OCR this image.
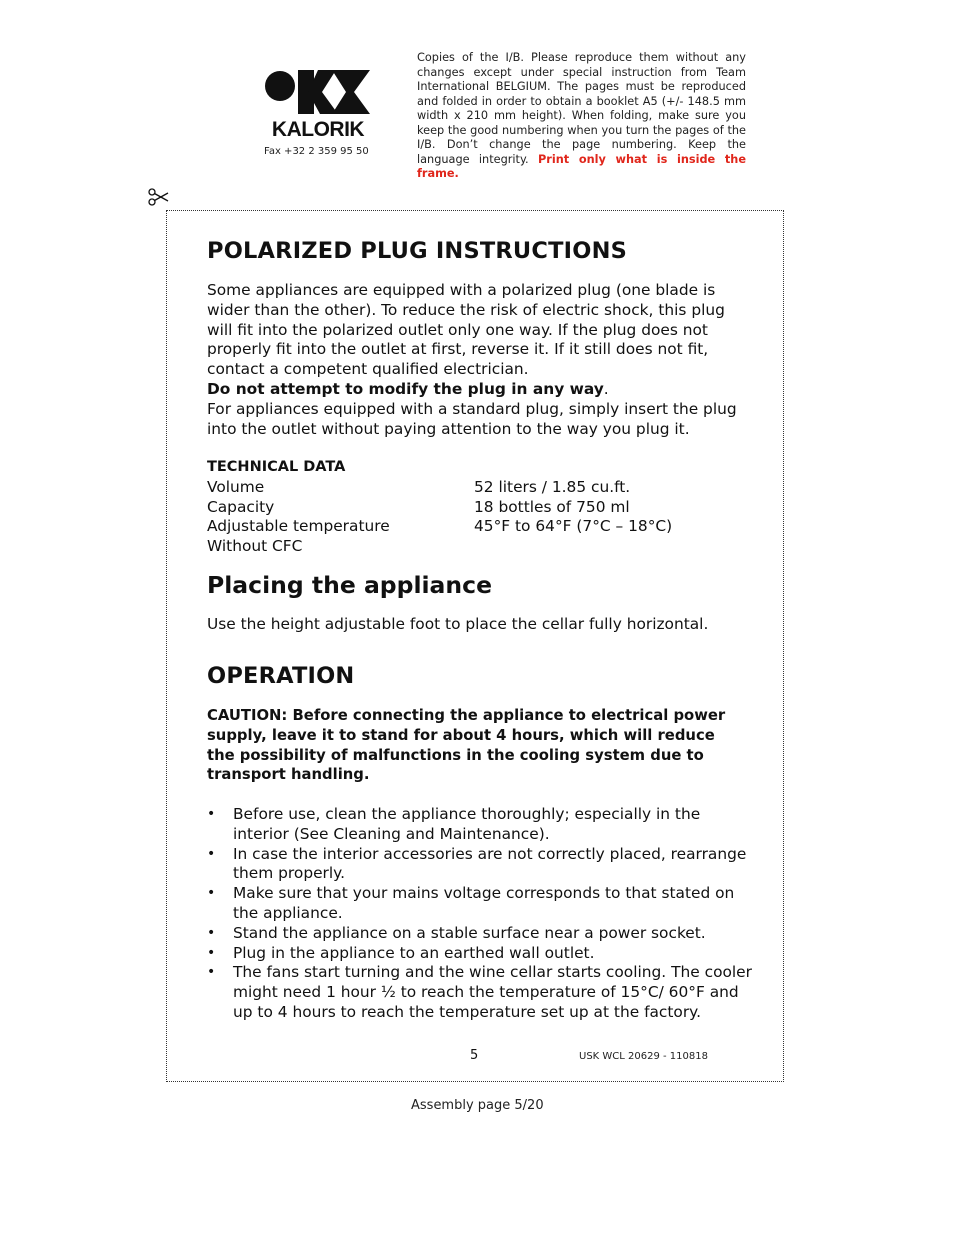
KALORIK
Fax +32 2 359 95 50
Copies of the I/B. Please reproduce them without any changes except under special instruction from Team International BELGIUM. The pages must be reproduced and folded in order to obtain a booklet A5 (+/- 148.5 mm width x 210 mm height). When folding, make sure you keep the good numbering when you turn the pages of the I/B. Don’t change the page numbering. Keep the language integrity. Print only what is inside the frame.
POLARIZED PLUG INSTRUCTIONS

Some appliances are equipped with a polarized plug (one blade is wider than the other). To reduce the risk of electric shock, this plug will fit into the polarized outlet only one way. If the plug does not properly fit into the outlet at first, reverse it. If it still does not fit, contact a competent qualified electrician.

Do not attempt to modify the plug in any way.

For appliances equipped with a standard plug, simply insert the plug into the outlet without paying attention to the way you plug it.

TECHNICAL DATA

Volume	52 liters / 1.85 cu.ft.
Capacity	18 bottles of 750 ml
Adjustable temperature	45°F to 64°F (7°C – 18°C)
Without CFC
Placing the appliance

Use the height adjustable foot to place the cellar fully horizontal.

OPERATION

CAUTION: Before connecting the appliance to electrical power supply, leave it to stand for about 4 hours, which will reduce the possibility of malfunctions in the cooling system due to transport handling.

• Before use, clean the appliance thoroughly; especially in the interior (See Cleaning and Maintenance).
• In case the interior accessories are not correctly placed, rearrange them properly.
• Make sure that your mains voltage corresponds to that stated on the appliance.
• Stand the appliance on a stable surface near a power socket.
• Plug in the appliance to an earthed wall outlet.
• The fans start turning and the wine cellar starts cooling. The cooler might need 1 hour ½ to reach the temperature of 15°C/ 60°F and up to 4 hours to reach the temperature set up at the factory.
5	USK WCL 20629 - 110818
Assembly page 5/20
